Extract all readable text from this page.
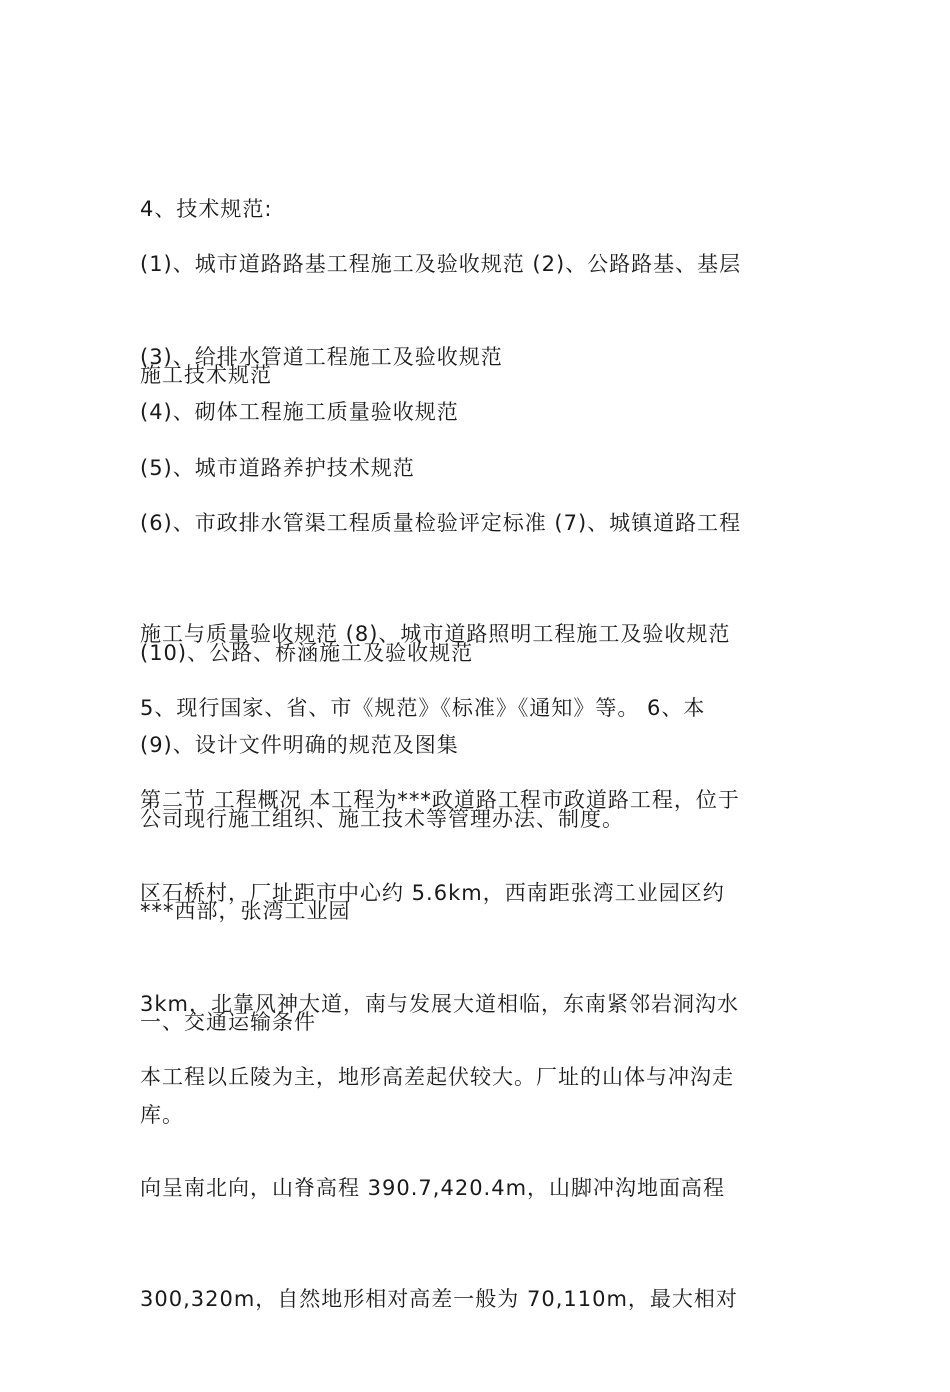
4、技术规范:

(1)、城市道路路基工程施工及验收规范 (2)、公路路基、基层

施工技术规范

(3)、给排水管道工程施工及验收规范

(4)、砌体工程施工质量验收规范

(5)、城市道路养护技术规范

(6)、市政排水管渠工程质量检验评定标准 (7)、城镇道路工程

施工与质量验收规范 (8)、城市道路照明工程施工及验收规范

(9)、设计文件明确的规范及图集

(10)、公路、桥涵施工及验收规范

5、现行国家、省、市《规范》《标准》《通知》等。 6、本

公司现行施工组织、施工技术等管理办法、制度。

第二节 工程概况 本工程为***政道路工程市政道路工程，位于

***西部，张湾工业园

区石桥村，厂址距市中心约 5.6km，西南距张湾工业园区约

3km，北靠风神大道，南与发展大道相临，东南紧邻岩洞沟水

库。

一、交通运输条件

本工程以丘陵为主，地形高差起伏较大。厂址的山体与冲沟走

向呈南北向，山脊高程 390.7,420.4m，山脚冲沟地面高程

300,320m，自然地形相对高差一般为 70,110m，最大相对
